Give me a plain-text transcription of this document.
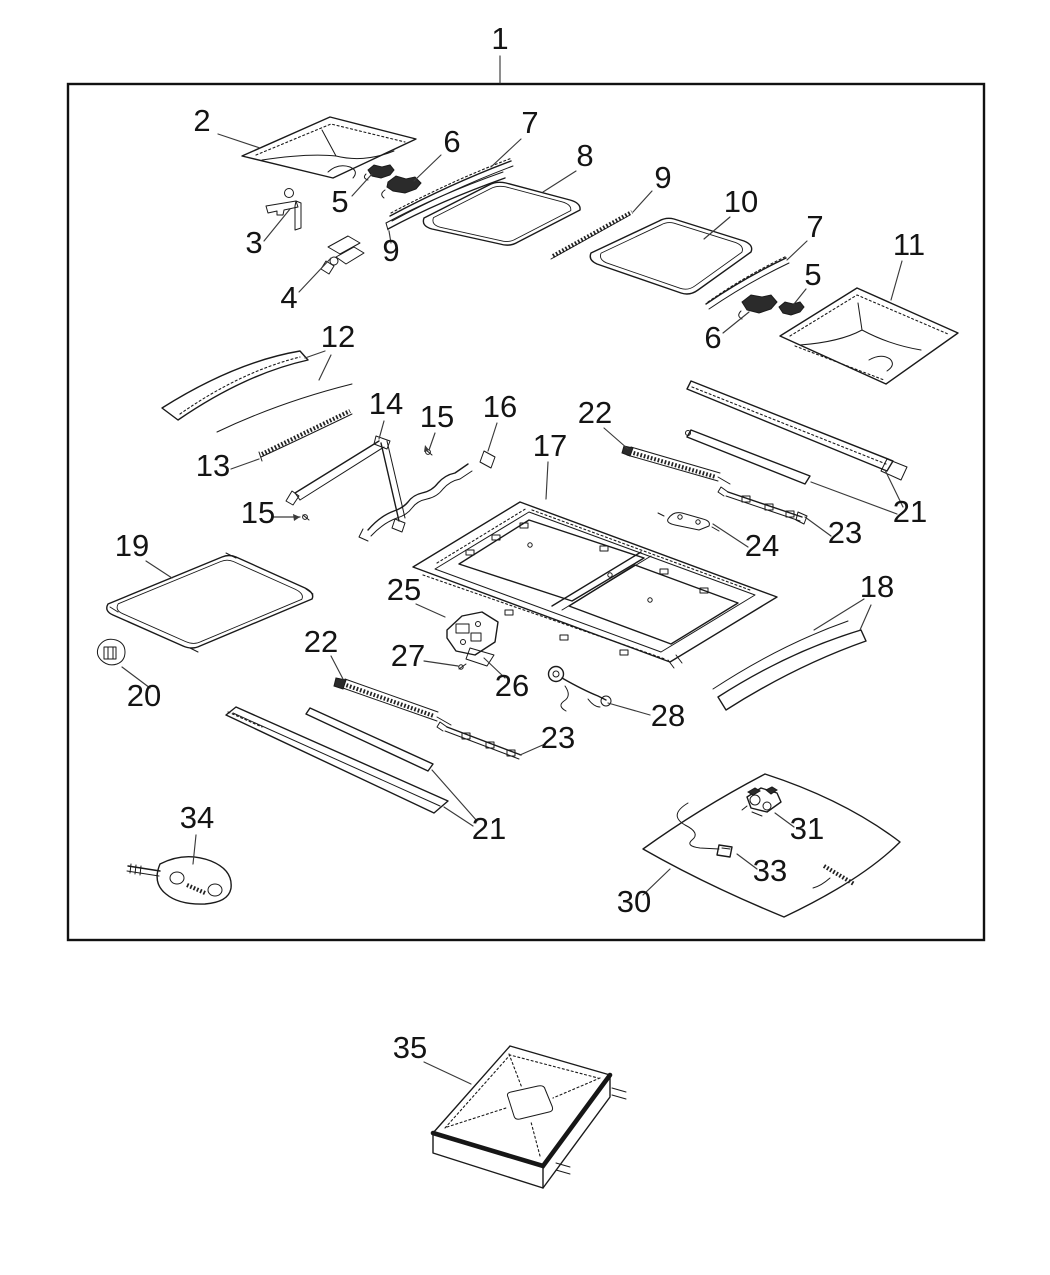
1
2
3
4
5
6
7
8
9
9
10
7
5
6
11
12
13
14 15 16
17
15
22
21
23
24
19
18
25
20
22 27
26
23
28
21
34	31
33
30
35
